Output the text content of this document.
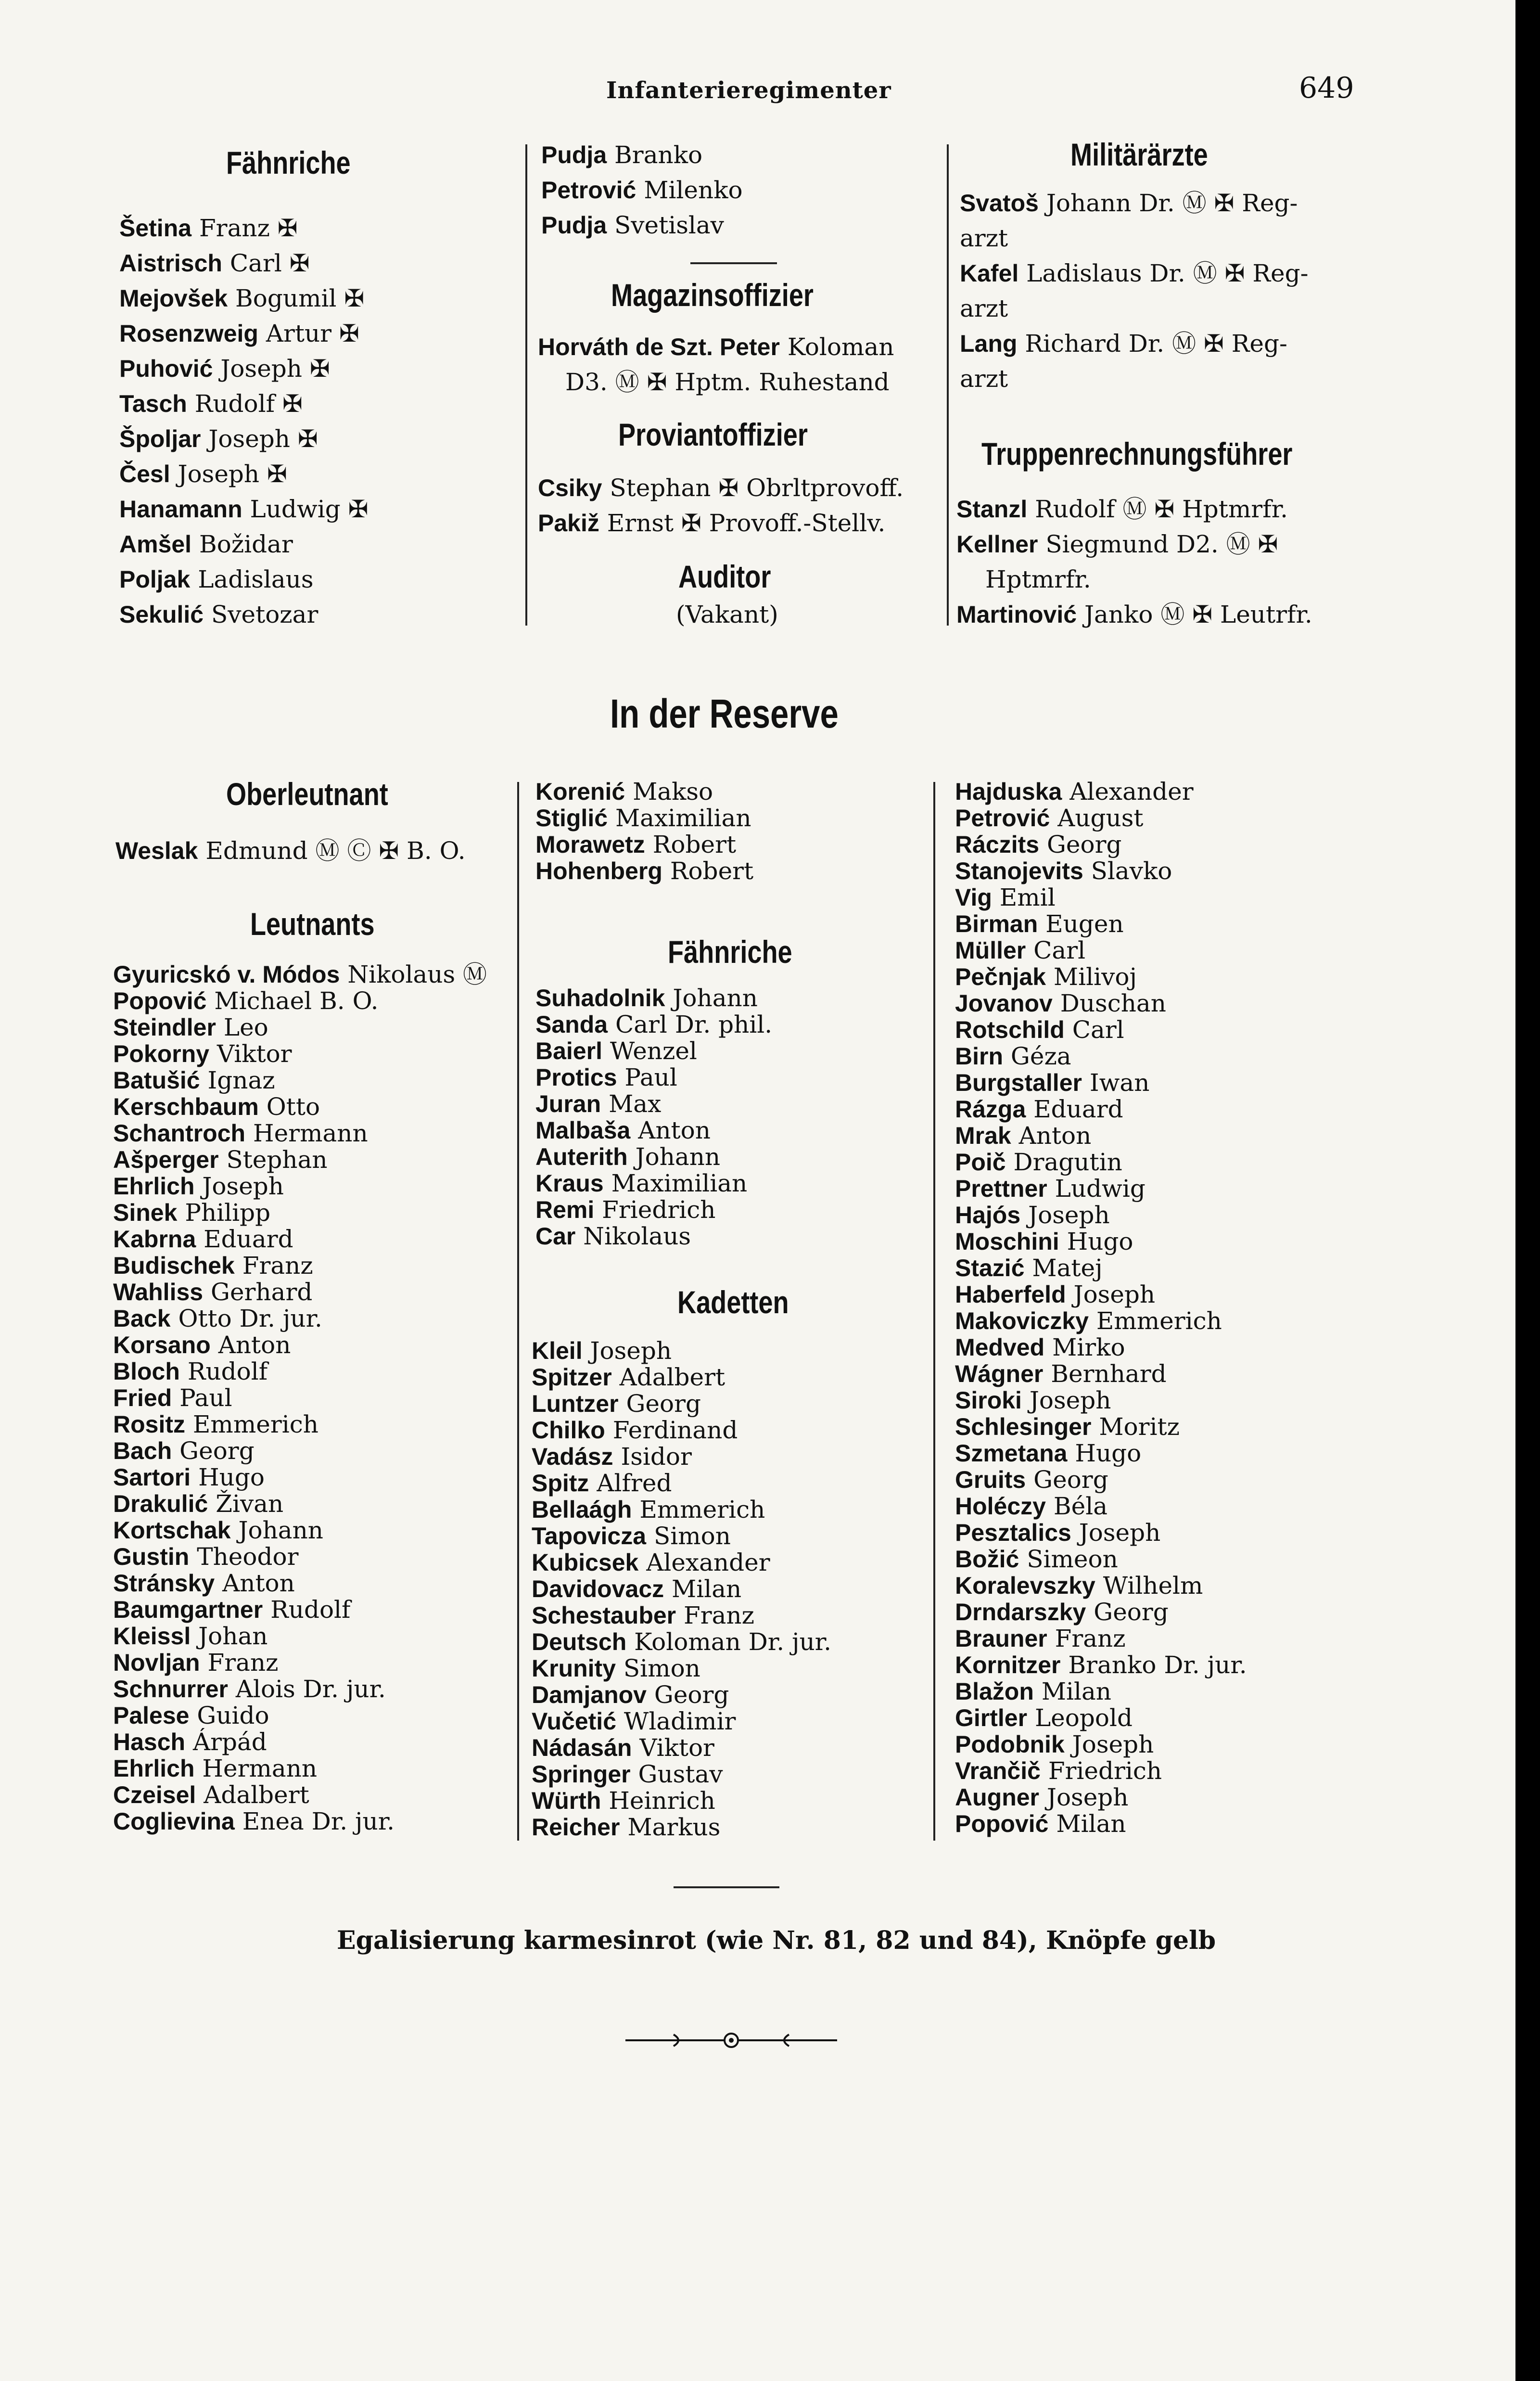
Infanterieregimenter	649
Fähnriche
Šetina Franz ✠
Aistrisch Carl ✠
Mejovšek Bogumil ✠
Rosenzweig Artur ✠
Puhović Joseph ✠
Tasch Rudolf ✠
Špoljar Joseph ✠
Česl Joseph ✠
Hanamann Ludwig ✠
Amšel Božidar
Poljak Ladislaus
Sekulić Svetozar
Pudja Branko
Petrović Milenko
Pudja Svetislav
Magazinsoffizier
Horváth de Szt. Peter Koloman
D3. Ⓜ ✠ Hptm. Ruhestand
Proviantoffizier
Csiky Stephan ✠ Obrltprovoff.
Pakiž Ernst ✠ Provoff.-Stellv.
Auditor
(Vakant)
Militärärzte
Svatoš Johann Dr. Ⓜ ✠ Reg-
arzt
Kafel Ladislaus Dr. Ⓜ ✠ Reg-
arzt
Lang Richard Dr. Ⓜ ✠ Reg-
arzt
Truppenrechnungsführer
Stanzl Rudolf Ⓜ ✠ Hptmrfr.
Kellner Siegmund D2. Ⓜ ✠
Hptmrfr.
Martinović Janko Ⓜ ✠ Leutrfr.
In der Reserve
Oberleutnant
Weslak Edmund Ⓜ Ⓒ ✠ B. O.
Leutnants
Gyuricskó v. Módos Nikolaus Ⓜ
Popović Michael B. O.
Steindler Leo
Pokorny Viktor
Batušić Ignaz
Kerschbaum Otto
Schantroch Hermann
Ašperger Stephan
Ehrlich Joseph
Sinek Philipp
Kabrna Eduard
Budischek Franz
Wahliss Gerhard
Back Otto Dr. jur.
Korsano Anton
Bloch Rudolf
Fried Paul
Rositz Emmerich
Bach Georg
Sartori Hugo
Drakulić Živan
Kortschak Johann
Gustin Theodor
Stránsky Anton
Baumgartner Rudolf
Kleissl Johan
Novljan Franz
Schnurrer Alois Dr. jur.
Palese Guido
Hasch Árpád
Ehrlich Hermann
Czeisel Adalbert
Coglievina Enea Dr. jur.
Korenić Makso
Stiglić Maximilian
Morawetz Robert
Hohenberg Robert
Fähnriche
Suhadolnik Johann
Sanda Carl Dr. phil.
Baierl Wenzel
Protics Paul
Juran Max
Malbaša Anton
Auterith Johann
Kraus Maximilian
Remi Friedrich
Car Nikolaus
Kadetten
Kleil Joseph
Spitzer Adalbert
Luntzer Georg
Chilko Ferdinand
Vadász Isidor
Spitz Alfred
Bellaágh Emmerich
Tapovicza Simon
Kubicsek Alexander
Davidovacz Milan
Schestauber Franz
Deutsch Koloman Dr. jur.
Krunity Simon
Damjanov Georg
Vučetić Wladimir
Nádasán Viktor
Springer Gustav
Würth Heinrich
Reicher Markus
Hajduska Alexander
Petrović August
Ráczits Georg
Stanojevits Slavko
Vig Emil
Birman Eugen
Müller Carl
Pečnjak Milivoj
Jovanov Duschan
Rotschild Carl
Birn Géza
Burgstaller Iwan
Rázga Eduard
Mrak Anton
Poič Dragutin
Prettner Ludwig
Hajós Joseph
Moschini Hugo
Stazić Matej
Haberfeld Joseph
Makoviczky Emmerich
Medved Mirko
Wágner Bernhard
Siroki Joseph
Schlesinger Moritz
Szmetana Hugo
Gruits Georg
Holéczy Béla
Pesztalics Joseph
Božić Simeon
Koralevszky Wilhelm
Drndarszky Georg
Brauner Franz
Kornitzer Branko Dr. jur.
Blažon Milan
Girtler Leopold
Podobnik Joseph
Vrančič Friedrich
Augner Joseph
Popović Milan
Egalisierung karmesinrot (wie Nr. 81, 82 und 84), Knöpfe gelb
